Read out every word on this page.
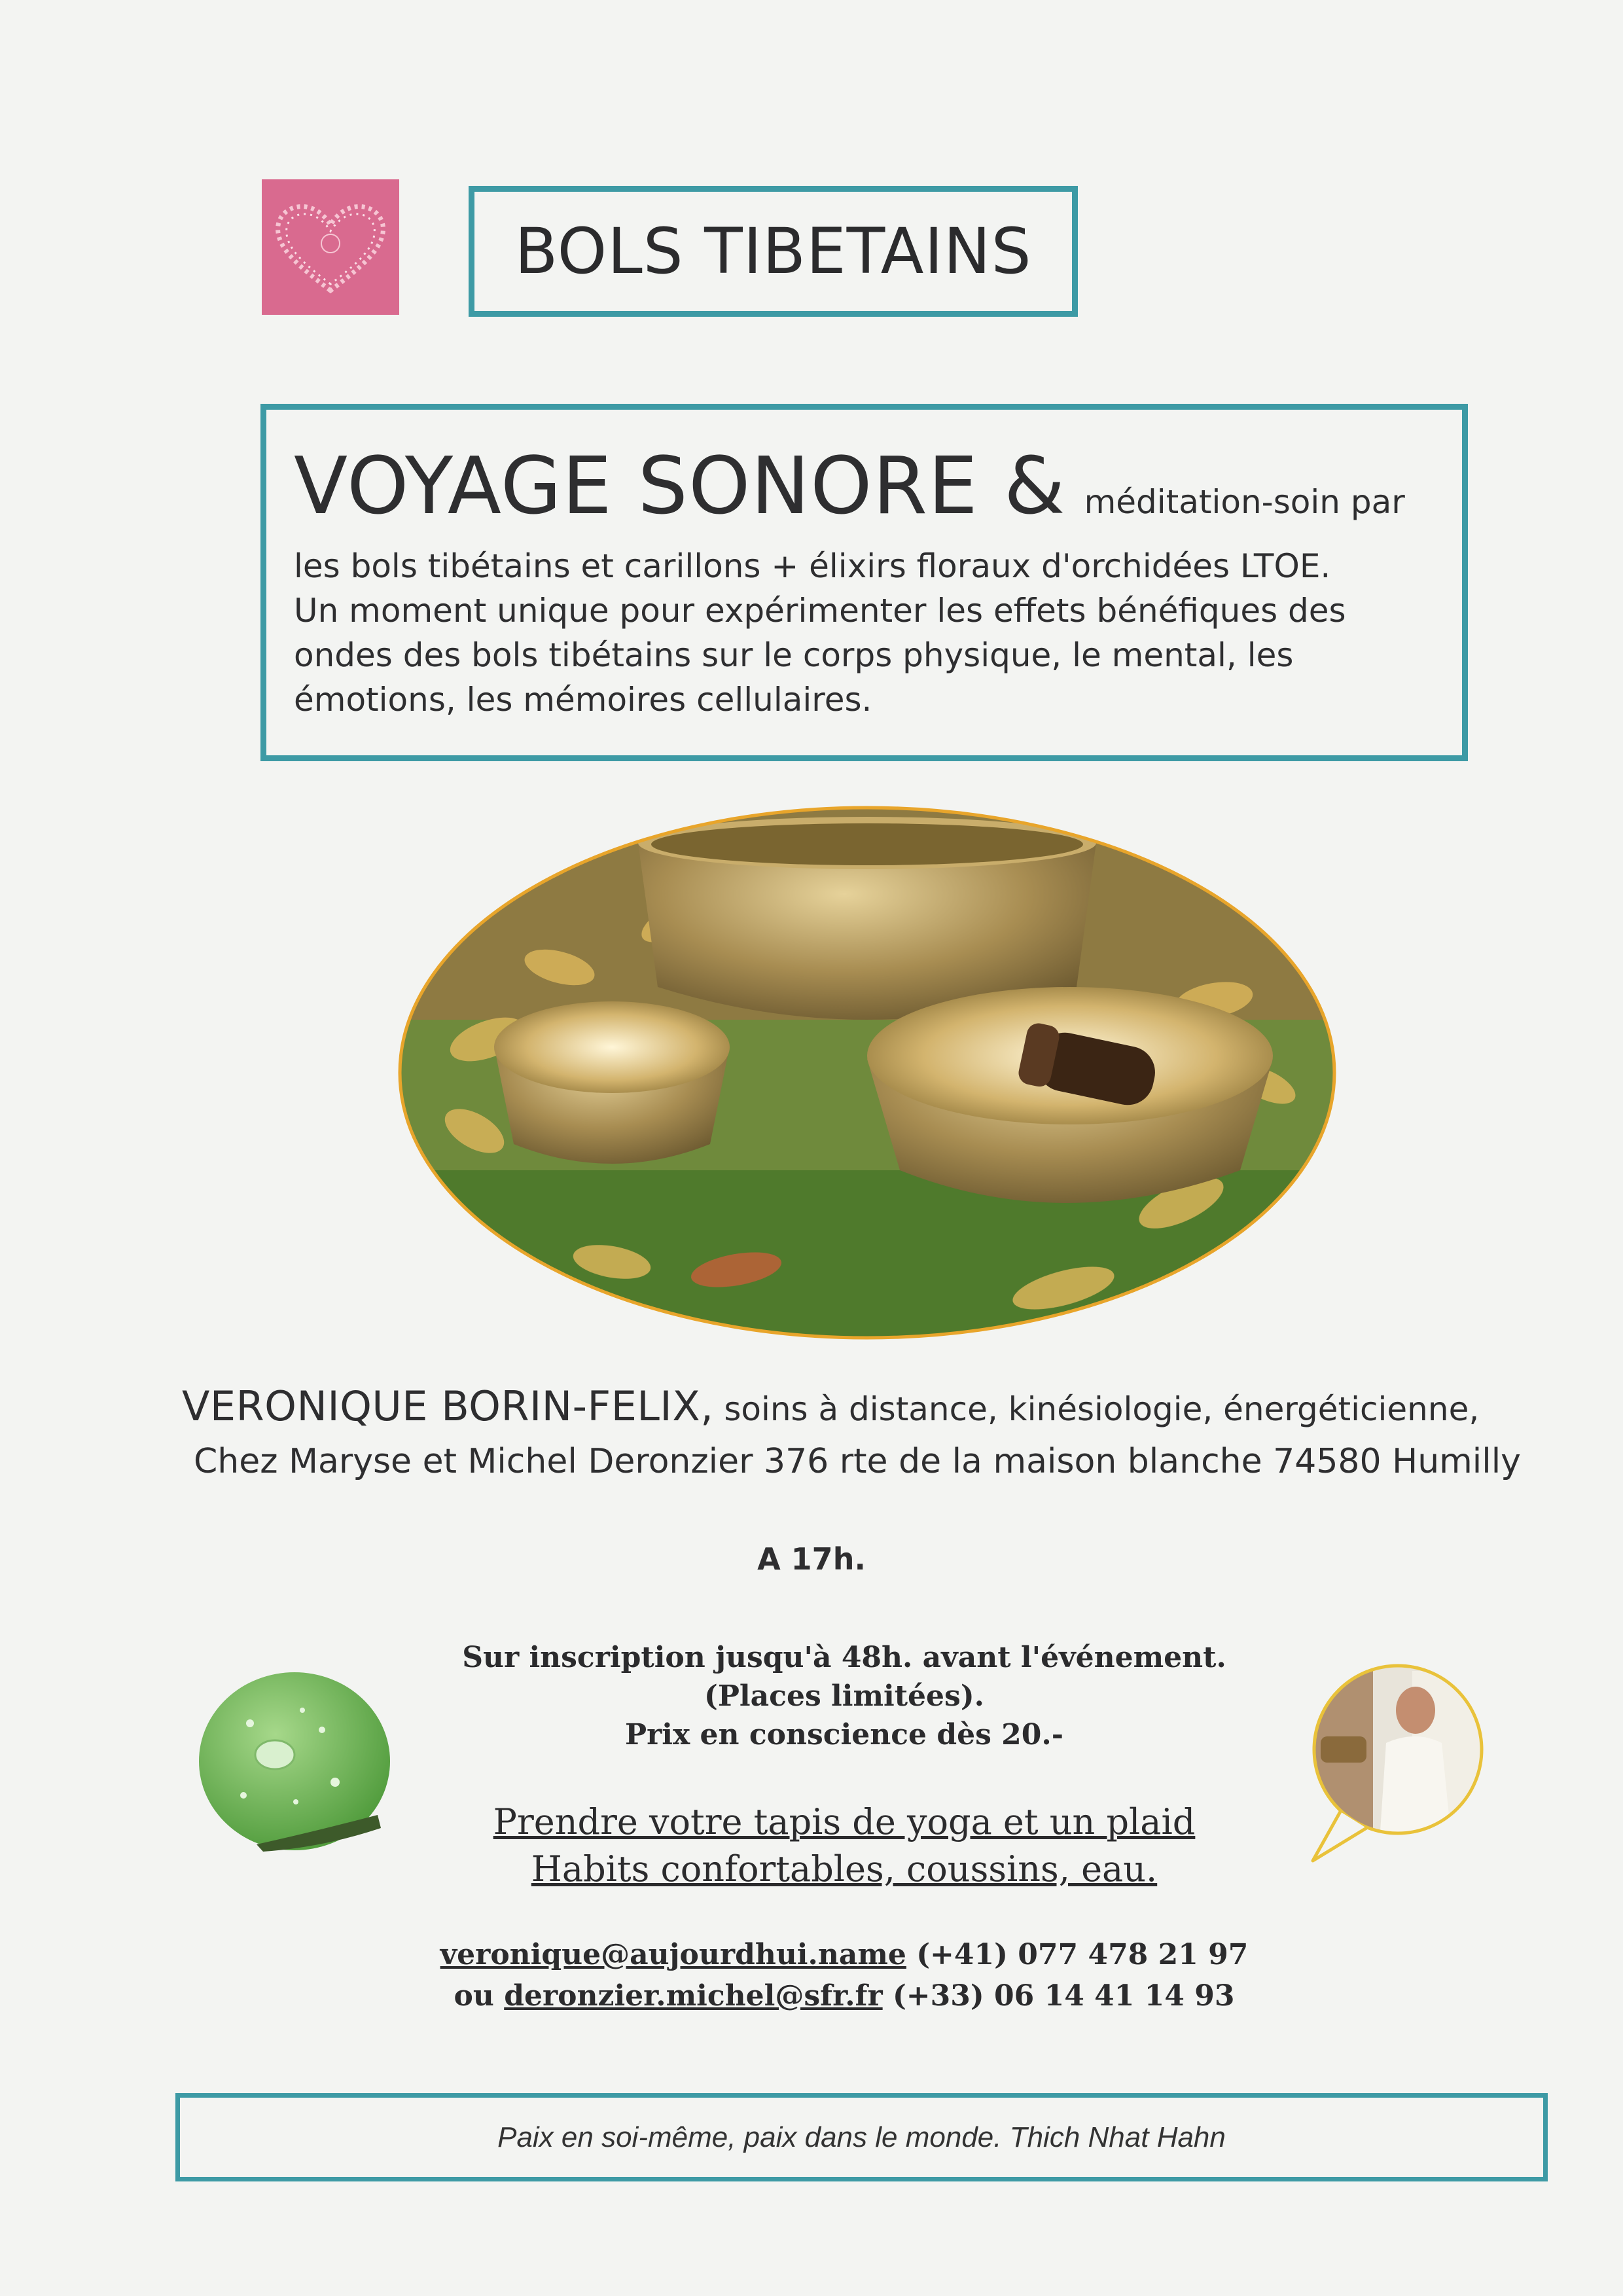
BOLS TIBETAINS
VOYAGE SONORE & méditation-soin par
les bols tibétains et carillons + élixirs floraux d'orchidées LTOE.
Un moment unique pour expérimenter les effets bénéfiques des
ondes des bols tibétains sur le corps physique, le mental, les
émotions, les mémoires cellulaires.
VERONIQUE BORIN-FELIX, soins à distance, kinésiologie, énergéticienne,
Chez Maryse et Michel Deronzier 376 rte de la maison blanche 74580 Humilly
A 17h.
Sur inscription jusqu'à 48h. avant l'événement.
(Places limitées).
Prix en conscience dès 20.-
Prendre votre tapis de yoga et un plaid
Habits confortables, coussins, eau.
veronique@aujourdhui.name (+41) 077 478 21 97
ou deronzier.michel@sfr.fr (+33) 06 14 41 14 93
Paix en soi-même, paix dans le monde. Thich Nhat Hahn
